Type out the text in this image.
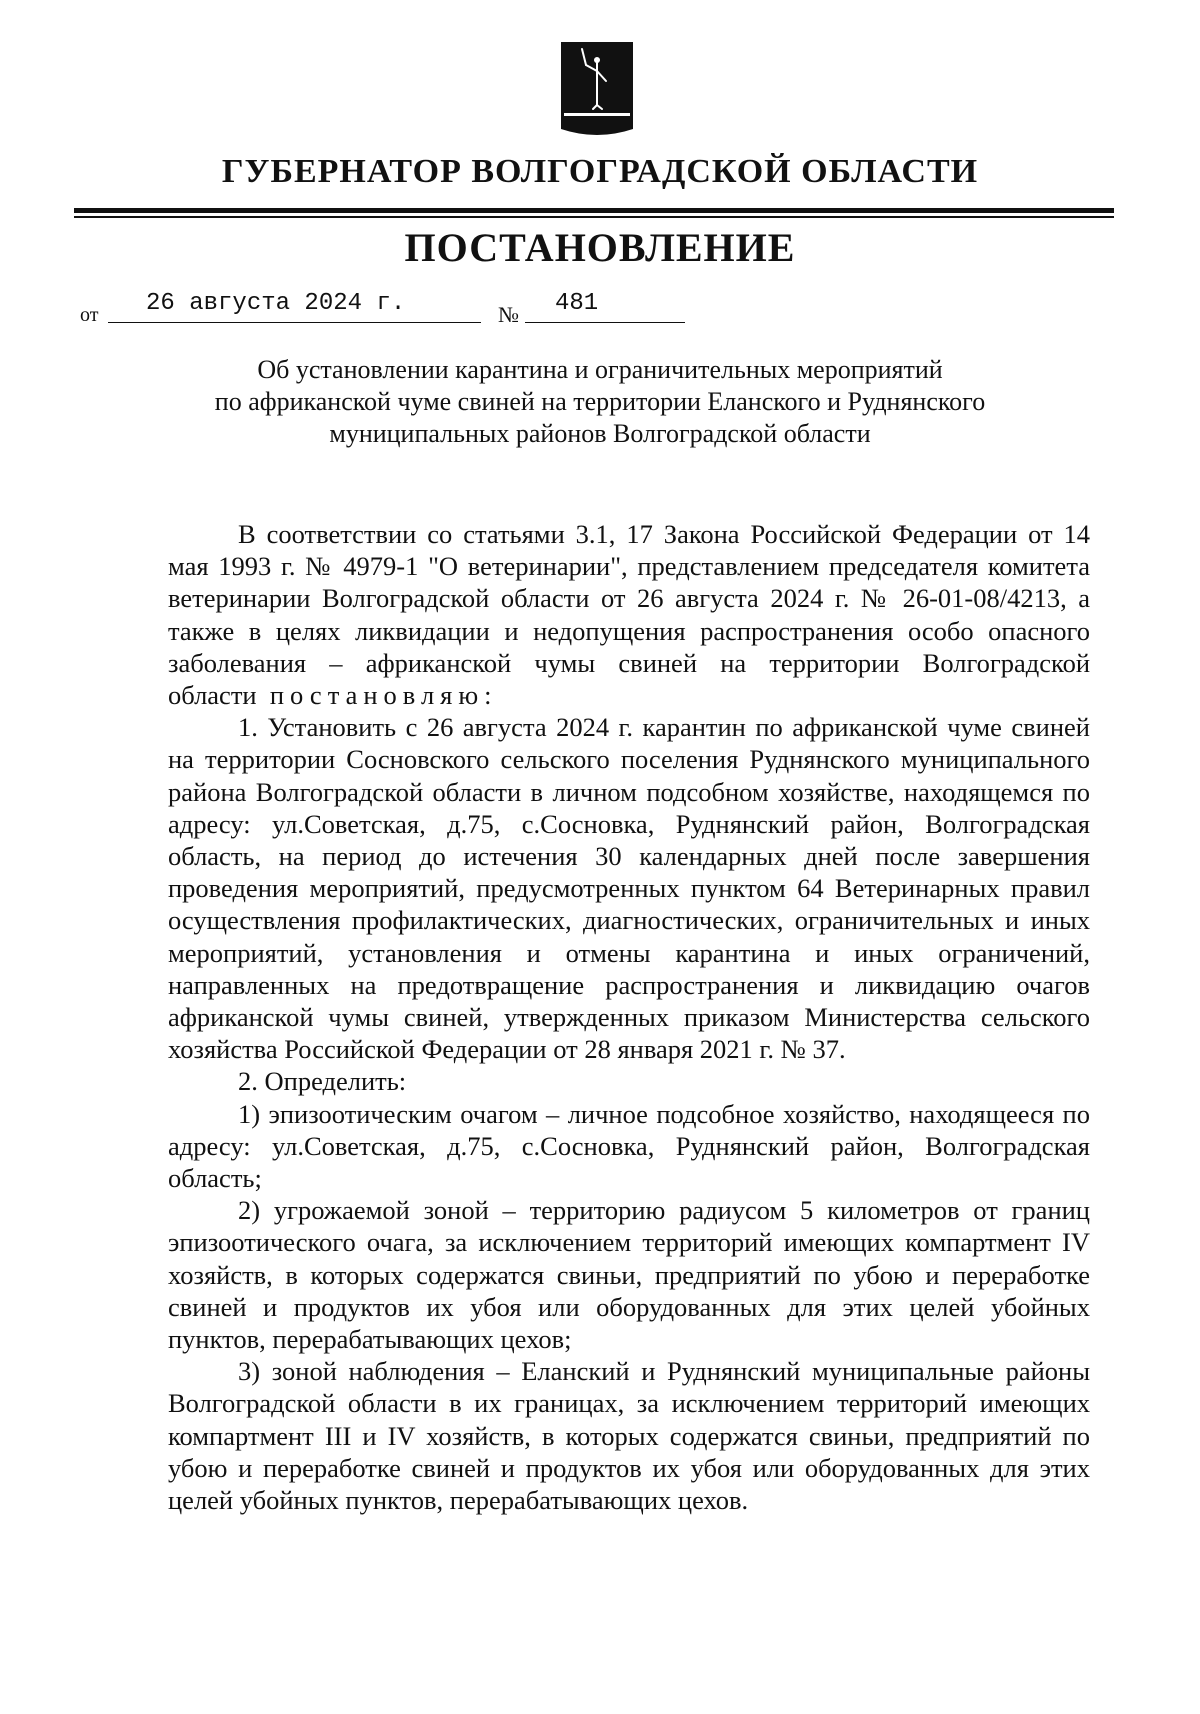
ГУБЕРНАТОР ВОЛГОГРАДСКОЙ ОБЛАСТИ
ПОСТАНОВЛЕНИЕ
от 26 августа 2024 г.	№ 481
Об установлении карантина и ограничительных мероприятий
по африканской чуме свиней на территории Еланского и Руднянского
муниципальных районов Волгоградской области

В соответствии со статьями 3.1, 17 Закона Российской Федерации от 14 мая 1993 г. № 4979-1 "О ветеринарии", представлением председателя комитета ветеринарии Волгоградской области от 26 августа 2024 г. № 26-01-08/4213, а также в целях ликвидации и недопущения распространения особо опасного заболевания – африканской чумы свиней на территории Волгоградской области постановляю:

1. Установить с 26 августа 2024 г. карантин по африканской чуме свиней на территории Сосновского сельского поселения Руднянского муниципального района Волгоградской области в личном подсобном хозяйстве, находящемся по адресу: ул.Советская, д.75, с.Сосновка, Руднянский район, Волгоградская область, на период до истечения 30 календарных дней после завершения проведения мероприятий, предусмотренных пунктом 64 Ветеринарных правил осуществления профилактических, диагностических, ограничительных и иных мероприятий, установления и отмены карантина и иных ограничений, направленных на предотвращение распространения и ликвидацию очагов африканской чумы свиней, утвержденных приказом Министерства сельского хозяйства Российской Федерации от 28 января 2021 г. № 37.

2. Определить:

1) эпизоотическим очагом – личное подсобное хозяйство, находящееся по адресу: ул.Советская, д.75, с.Сосновка, Руднянский район, Волгоградская область;

2) угрожаемой зоной – территорию радиусом 5 километров от границ эпизоотического очага, за исключением территорий имеющих компартмент IV хозяйств, в которых содержатся свиньи, предприятий по убою и переработке свиней и продуктов их убоя или оборудованных для этих целей убойных пунктов, перерабатывающих цехов;

3) зоной наблюдения – Еланский и Руднянский муниципальные районы Волгоградской области в их границах, за исключением территорий имеющих компартмент III и IV хозяйств, в которых содержатся свиньи, предприятий по убою и переработке свиней и продуктов их убоя или оборудованных для этих целей убойных пунктов, перерабатывающих цехов.
